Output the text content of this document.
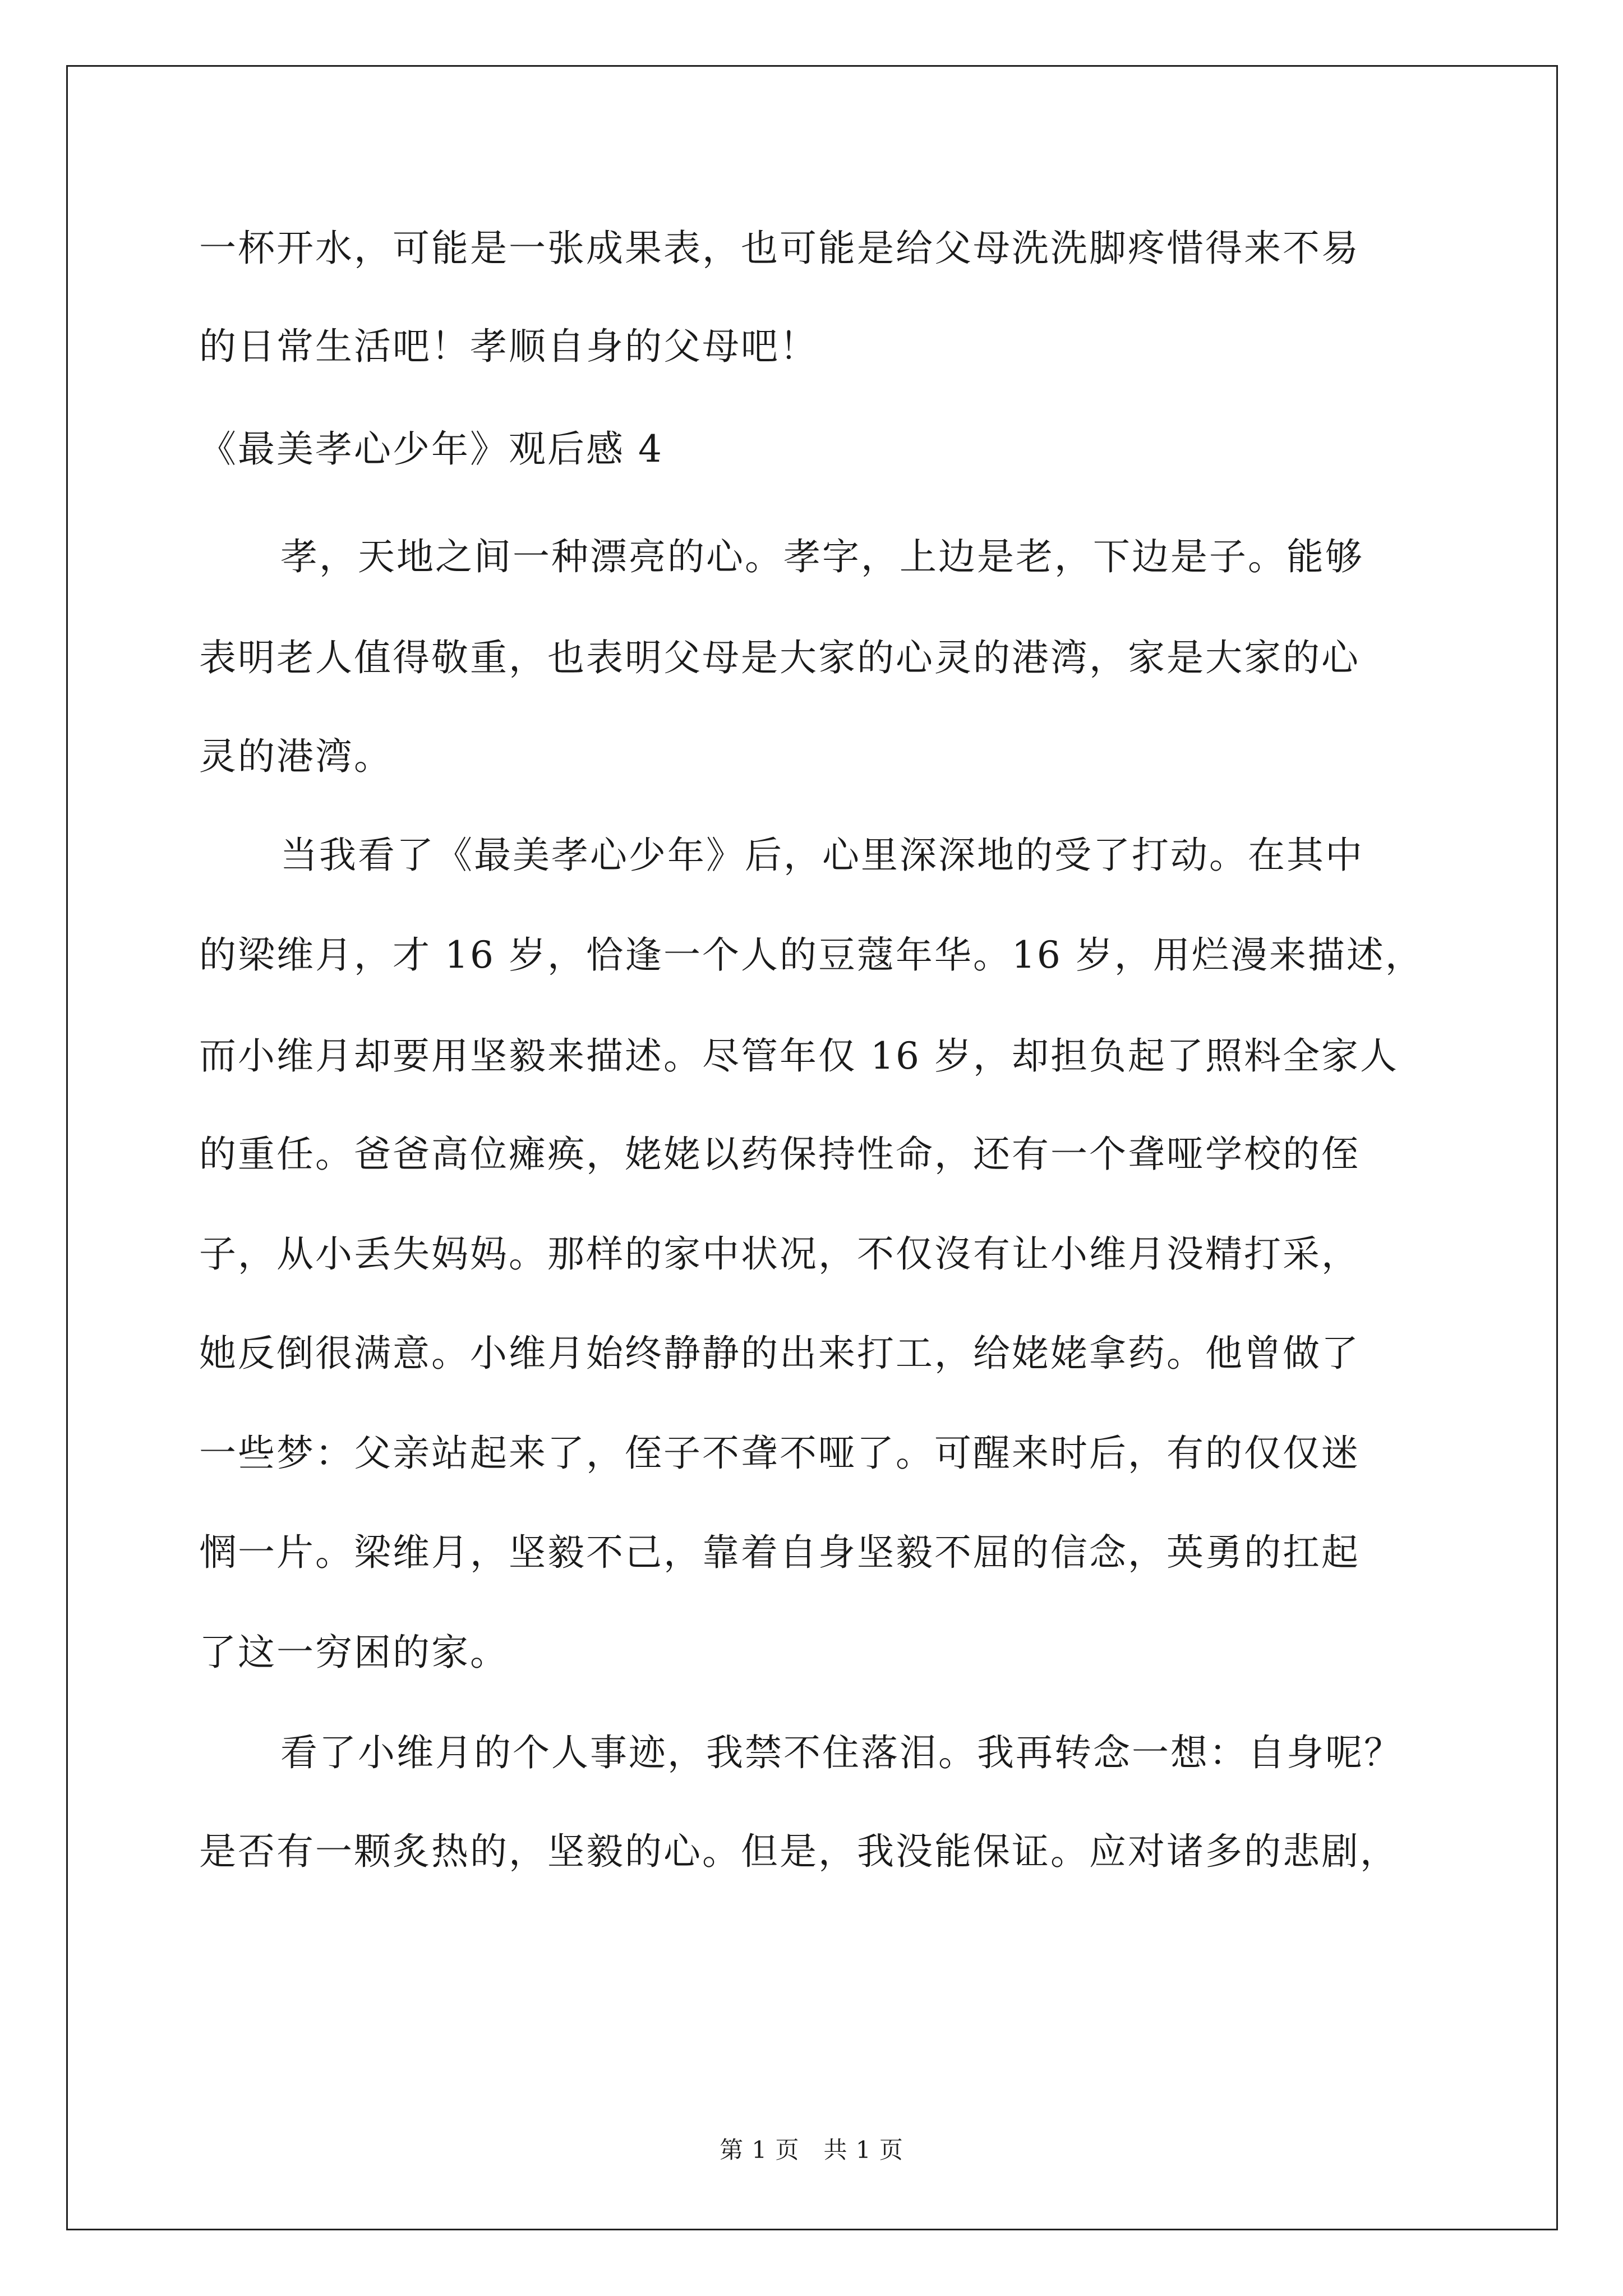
一杯开水，可能是一张成果表，也可能是给父母洗洗脚疼惜得来不易
的日常生活吧！孝顺自身的父母吧！
《最美孝心少年》观后感 4
孝，天地之间一种漂亮的心。孝字，上边是老，下边是子。能够
表明老人值得敬重，也表明父母是大家的心灵的港湾，家是大家的心
灵的港湾。
当我看了《最美孝心少年》后，心里深深地的受了打动。在其中
的梁维月，才 16 岁，恰逢一个人的豆蔻年华。16 岁，用烂漫来描述，
而小维月却要用坚毅来描述。尽管年仅 16 岁，却担负起了照料全家人
的重任。爸爸高位瘫痪，姥姥以药保持性命，还有一个聋哑学校的侄
子，从小丢失妈妈。那样的家中状况，不仅沒有让小维月没精打采，
她反倒很满意。小维月始终静静的出来打工，给姥姥拿药。他曾做了
一些梦：父亲站起来了，侄子不聋不哑了。可醒来时后，有的仅仅迷
惘一片。梁维月，坚毅不己，靠着自身坚毅不屈的信念，英勇的扛起
了这一穷困的家。
看了小维月的个人事迹，我禁不住落泪。我再转念一想：自身呢？
是否有一颗炙热的，坚毅的心。但是，我没能保证。应对诸多的悲剧，
第 1 页　共 1 页
